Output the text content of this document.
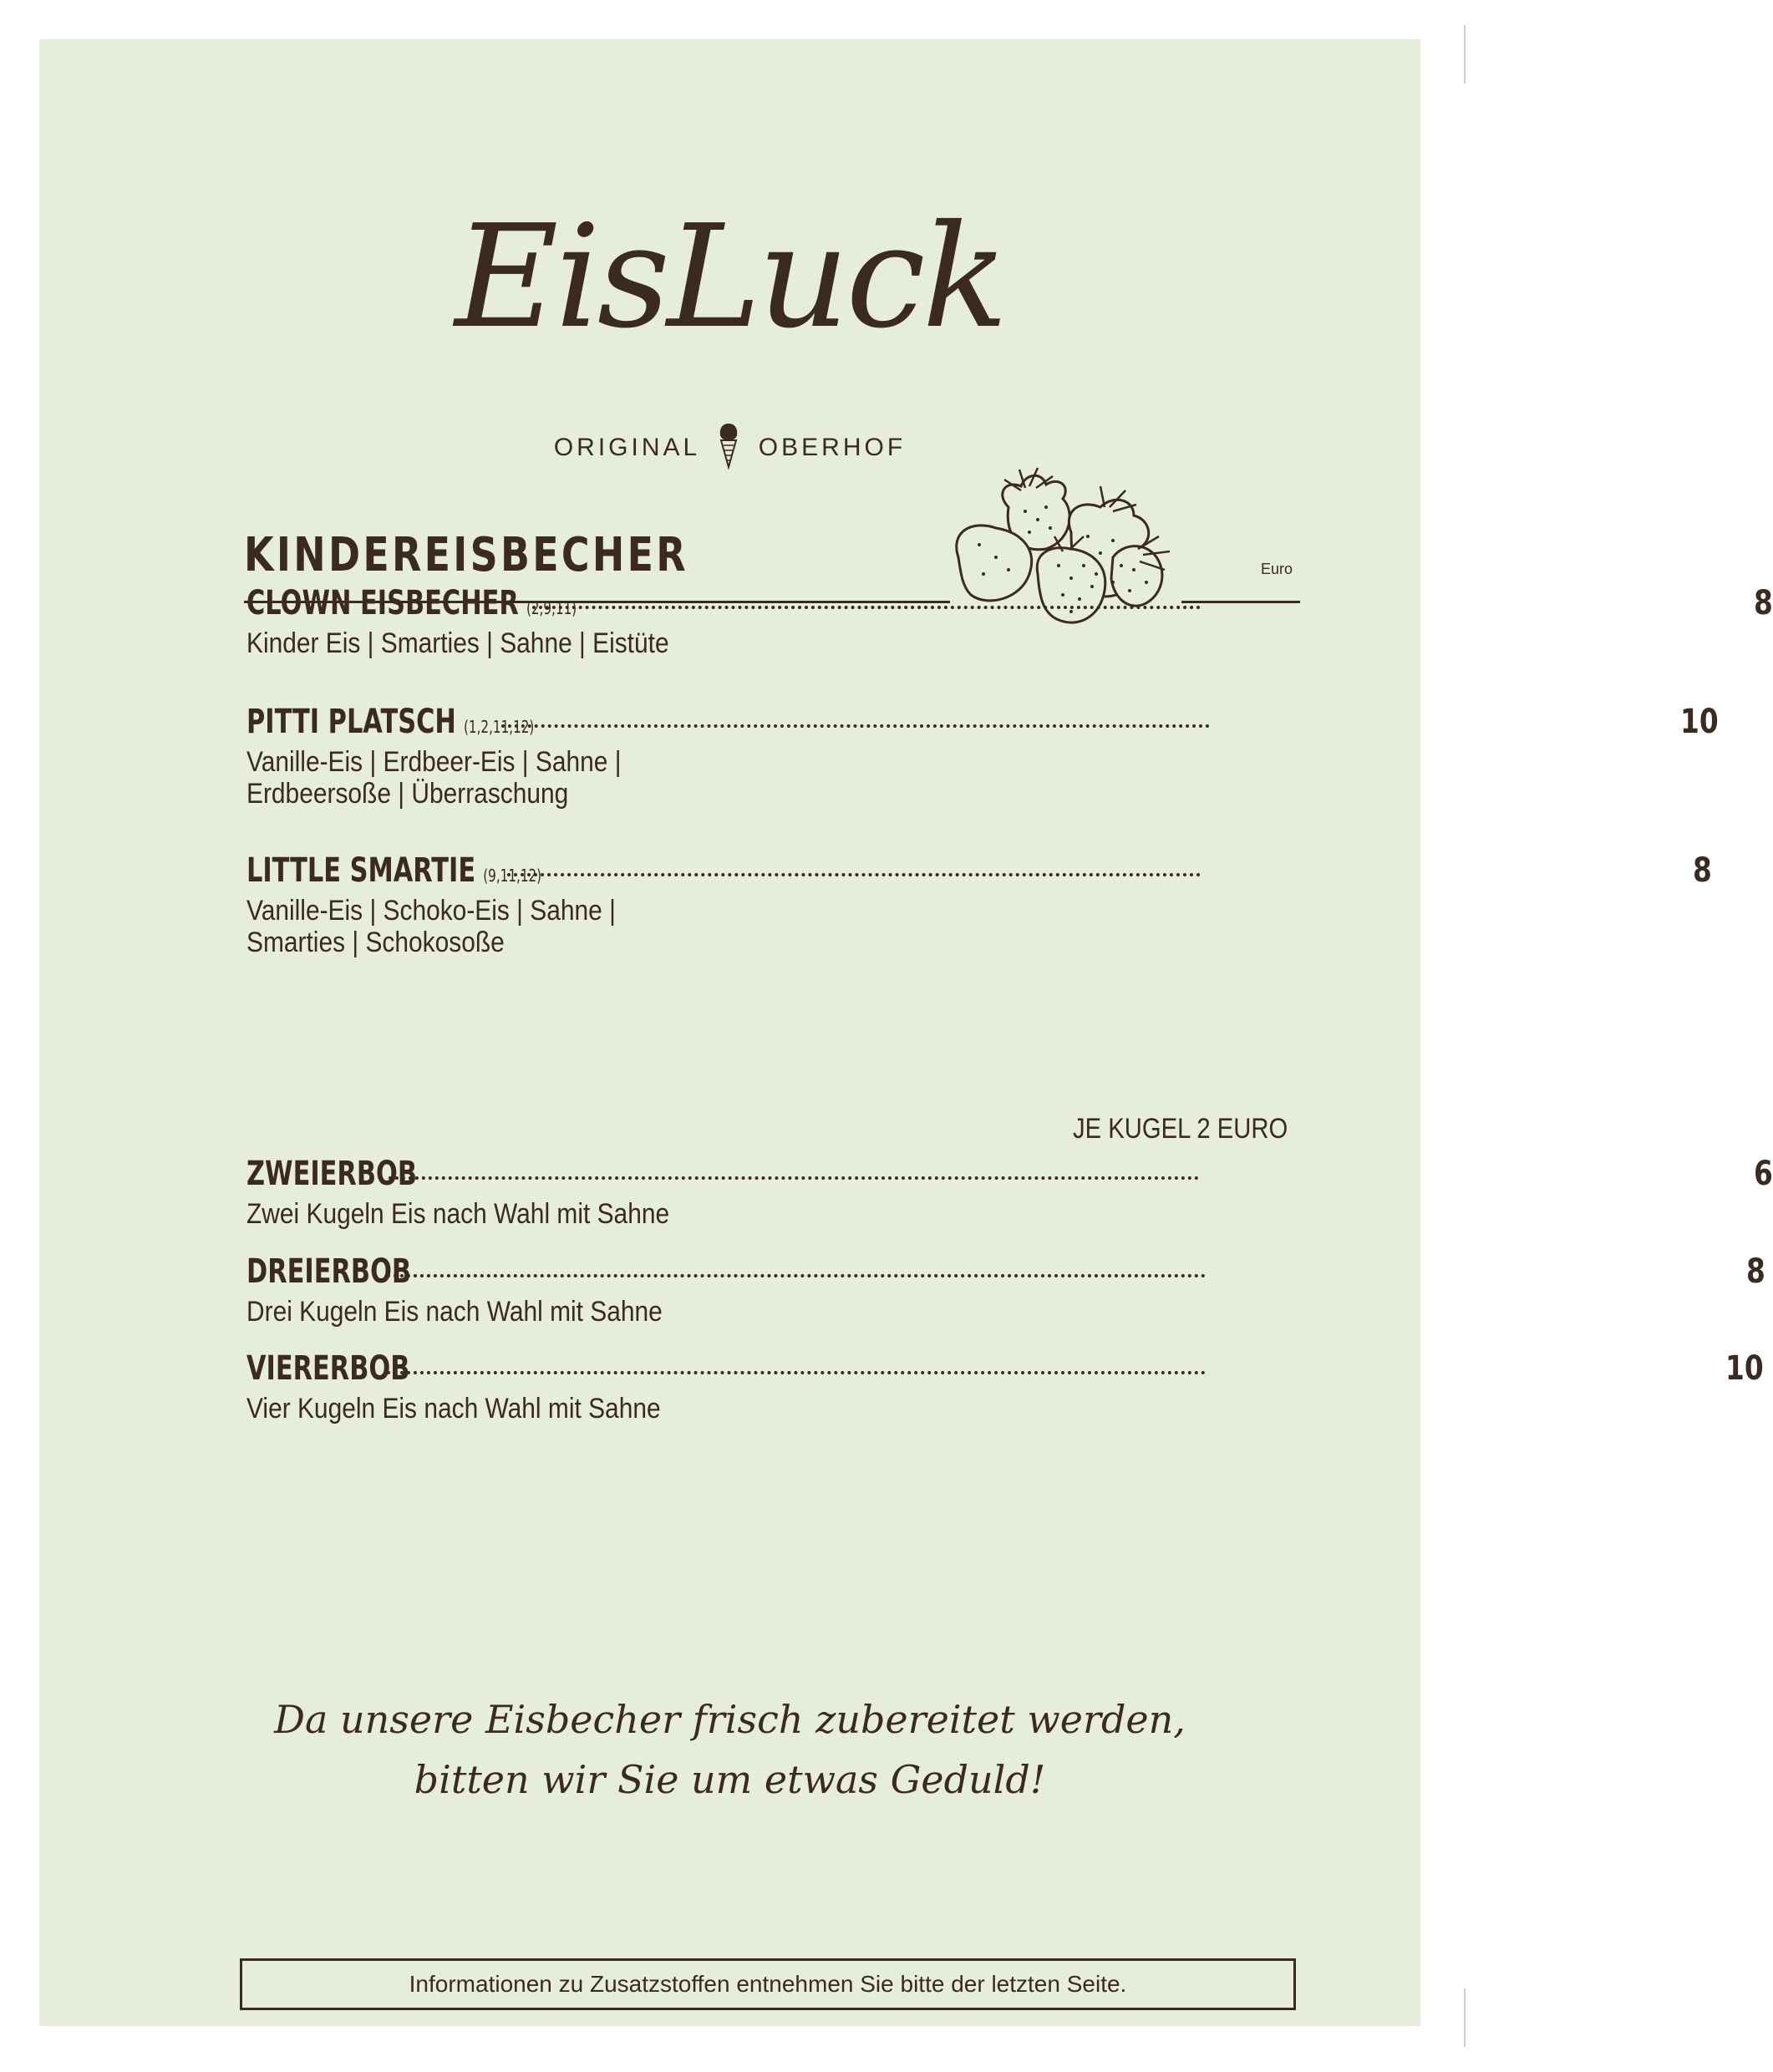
EisLuck
ORIGINAL OBERHOF
KINDEREISBECHER	Euro
CLOWN EISBECHER (2,9,11)	8
Kinder Eis | Smarties | Sahne | Eistüte
PITTI PLATSCH (1,2,11,12)	10
Vanille-Eis | Erdbeer-Eis | Sahne |
Erdbeersoße | Überraschung
LITTLE SMARTIE (9,11,12)	8
Vanille-Eis | Schoko-Eis | Sahne |
Smarties | Schokosoße
JE KUGEL 2 EURO
ZWEIERBOB	6
Zwei Kugeln Eis nach Wahl mit Sahne
DREIERBOB	8
Drei Kugeln Eis nach Wahl mit Sahne
VIERERBOB	10
Vier Kugeln Eis nach Wahl mit Sahne
Da unsere Eisbecher frisch zubereitet werden,
bitten wir Sie um etwas Geduld!
Informationen zu Zusatzstoffen entnehmen Sie bitte der letzten Seite.
